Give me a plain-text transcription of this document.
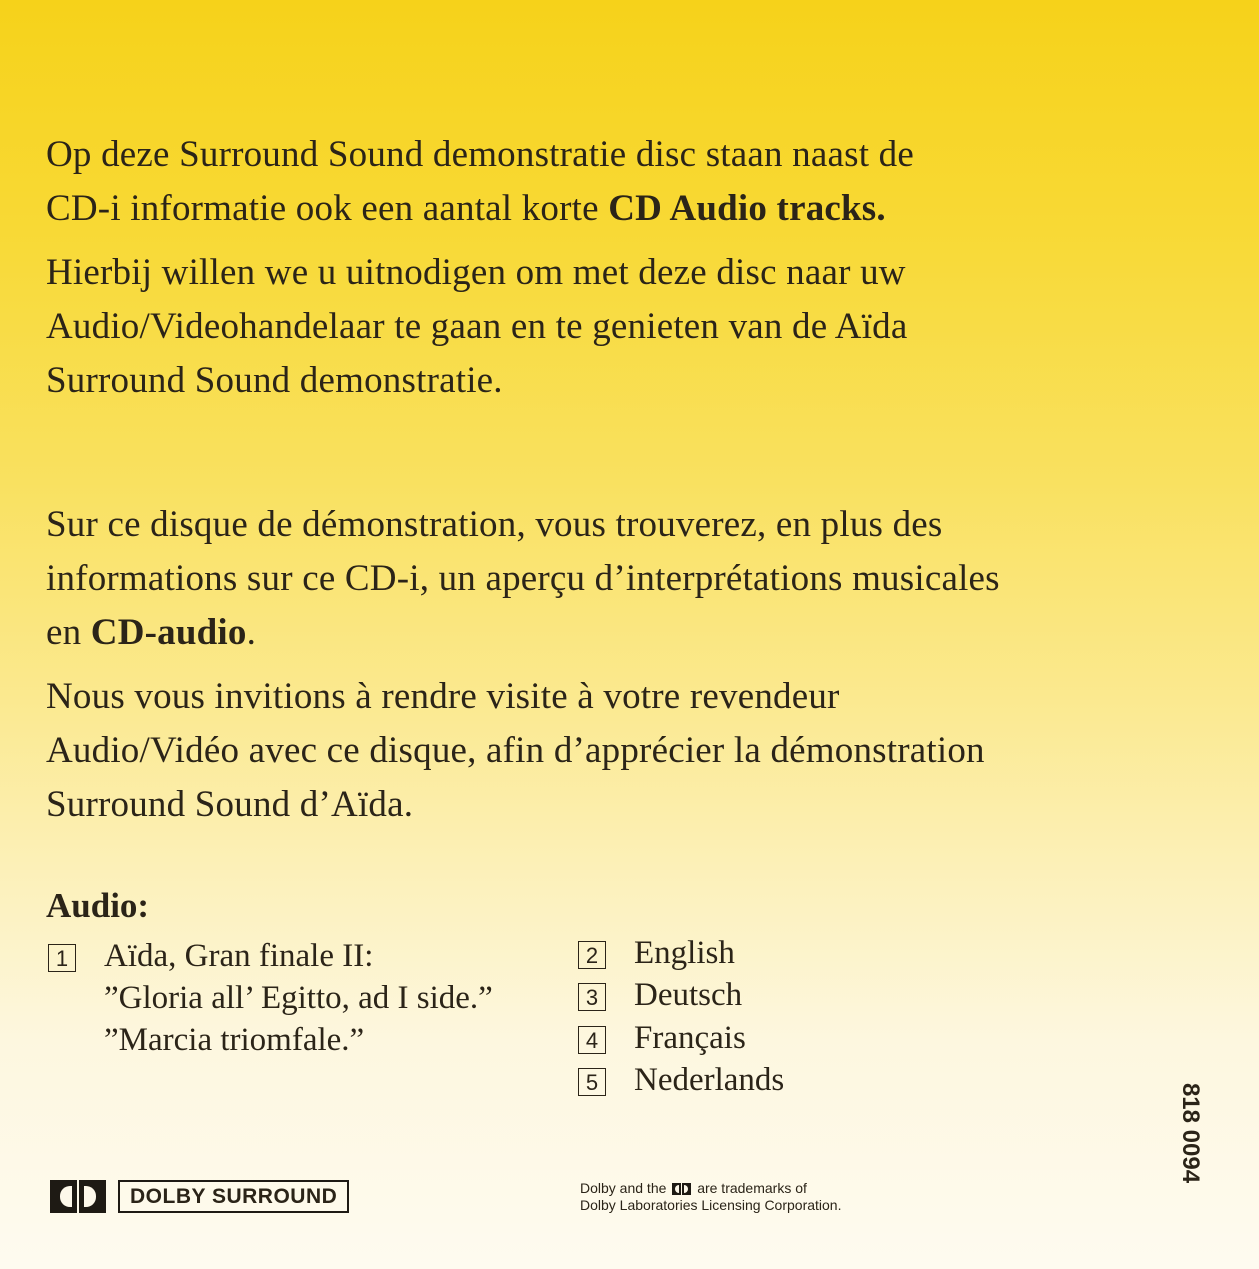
Op deze Surround Sound demonstratie disc staan naast de
CD-i informatie ook een aantal korte CD Audio tracks.

Hierbij willen we u uitnodigen om met deze disc naar uw
Audio/Videohandelaar te gaan en te genieten van de Aïda
Surround Sound demonstratie.

Sur ce disque de démonstration, vous trouverez, en plus des
informations sur ce CD-i, un aperçu d’interprétations musicales
en CD-audio.

Nous vous invitions à rendre visite à votre revendeur
Audio/Vidéo avec ce disque, afin d’apprécier la démonstration
Surround Sound d’Aïda.

Audio:
1 Aïda, Gran finale II:
”Gloria all’ Egitto, ad I side.”
”Marcia triomfale.”
2 English
3 Deutsch
4 Français
5 Nederlands
818 0094
DOLBY SURROUND	Dolby and the are trademarks of
Dolby Laboratories Licensing Corporation.
